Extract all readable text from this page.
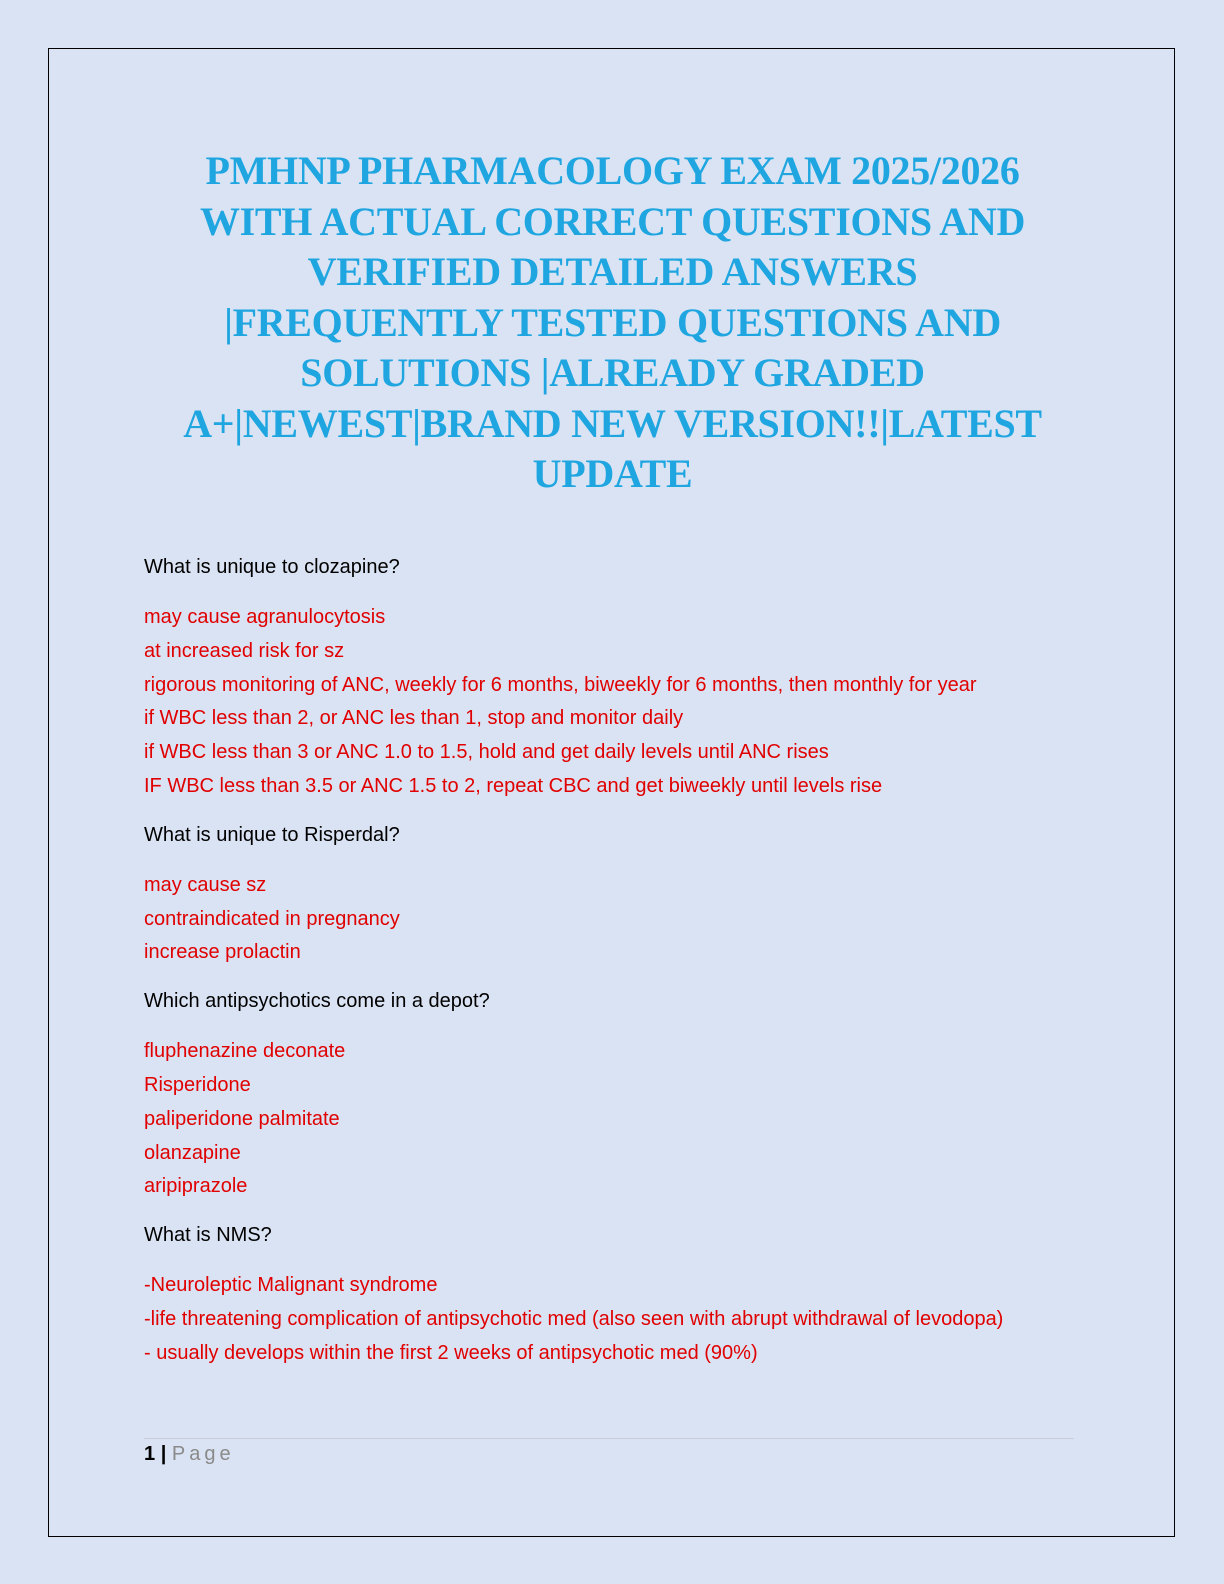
PMHNP PHARMACOLOGY EXAM 2025/2026
WITH ACTUAL CORRECT QUESTIONS AND
VERIFIED DETAILED ANSWERS
|FREQUENTLY TESTED QUESTIONS AND
SOLUTIONS |ALREADY GRADED
A+|NEWEST|BRAND NEW VERSION!!|LATEST
UPDATE
What is unique to clozapine?
may cause agranulocytosis
at increased risk for sz
rigorous monitoring of ANC, weekly for 6 months, biweekly for 6 months, then monthly for year
if WBC less than 2, or ANC les than 1, stop and monitor daily
if WBC less than 3 or ANC 1.0 to 1.5, hold and get daily levels until ANC rises
IF WBC less than 3.5 or ANC 1.5 to 2, repeat CBC and get biweekly until levels rise
What is unique to Risperdal?
may cause sz
contraindicated in pregnancy
increase prolactin
Which antipsychotics come in a depot?
fluphenazine deconate
Risperidone
paliperidone palmitate
olanzapine
aripiprazole
What is NMS?
-Neuroleptic Malignant syndrome
-life threatening complication of antipsychotic med (also seen with abrupt withdrawal of levodopa)
- usually develops within the first 2 weeks of antipsychotic med (90%)
1 | Page
